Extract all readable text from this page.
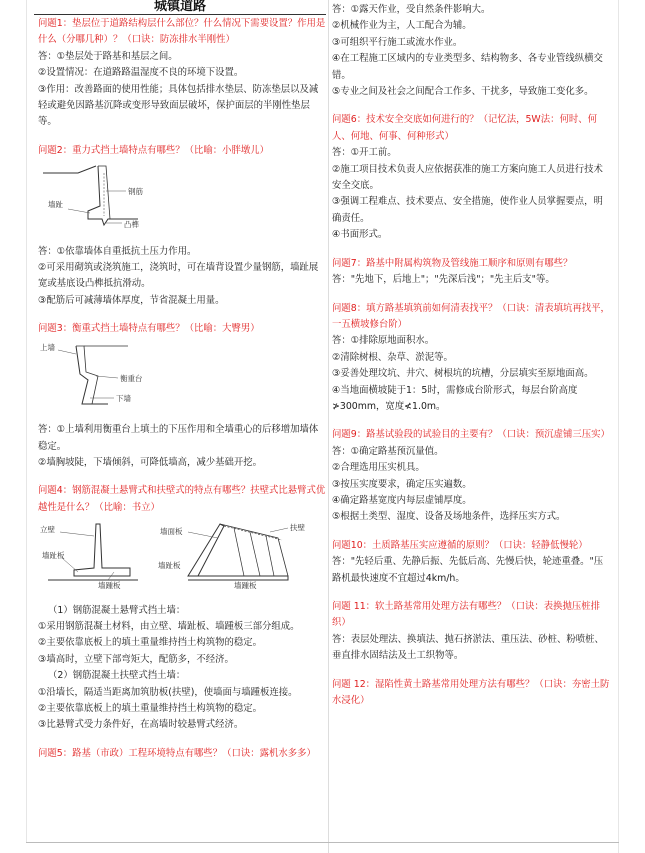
城镇道路

问题1：垫层位于道路结构层什么部位？什么情况下需要设置？作用是什么（分哪几种）？（口诀：防冻排水半刚性）

答：①垫层处于路基和基层之间。

②设置情况：在道路路温湿度不良的环境下设置。

③作用：改善路面的使用性能；具体包括排水垫层、防冻垫层以及减轻或避免因路基沉降或变形导致面层破坏，保护面层的半刚性垫层等。

问题2：重力式挡土墙特点有哪些？（比喻：小胖墩儿）

墙趾
钢筋
凸榫

答：①依靠墙体自重抵抗土压力作用。

②可采用砌筑或浇筑施工，浇筑时，可在墙背设置少量钢筋，墙趾展宽或基底设凸榫抵抗滑动。

③配筋后可减薄墙体厚度，节省混凝土用量。

问题3：衡重式挡土墙特点有哪些？（比喻：大臀男）

上墙
衡重台
下墙

答：①上墙利用衡重台上填土的下压作用和全墙重心的后移增加墙体稳定。

②墙胸坡陡，下墙倾斜，可降低墙高，减少基础开挖。

问题4：钢筋混凝土悬臂式和扶壁式的特点有哪些？扶壁式比悬臂式优越性是什么？（比喻：书立）

立壁
墙趾板
墙踵板
墙面板	扶壁
墙趾板
墙踵板

（1）钢筋混凝土悬臂式挡土墙：

①采用钢筋混凝土材料，由立壁、墙趾板、墙踵板三部分组成。

②主要依靠底板上的填土重量维持挡土构筑物的稳定。

③墙高时，立壁下部弯矩大，配筋多，不经济。

（2）钢筋混凝土扶壁式挡土墙：

①沿墙长，隔适当距离加筑肋板(扶壁)，使墙面与墙踵板连接。

②主要依靠底板上的填土重量维持挡土构筑物的稳定。

③比悬臂式受力条件好，在高墙时较悬臂式经济。

问题5：路基（市政）工程环境特点有哪些？（口诀：露机水多多）

答：①露天作业，受自然条件影响大。

②机械作业为主，人工配合为辅。

③可组织平行施工或流水作业。

④在工程施工区域内的专业类型多、结构物多、各专业管线纵横交错。

⑤专业之间及社会之间配合工作多、干扰多，导致施工变化多。

问题6：技术安全交底如何进行的？（记忆法，5W法：何时、何人、何地、何事、何种形式）

答：①开工前。

②施工项目技术负责人应依据获准的施工方案向施工人员进行技术安全交底。

③强调工程难点、技术要点、安全措施，使作业人员掌握要点，明确责任。

④书面形式。

问题7：路基中附属构筑物及管线施工顺序和原则有哪些？

答："先地下，后地上"；"先深后浅"；"先主后支"等。

问题8：填方路基填筑前如何清表找平？（口诀：清表填坑再找平，一五横坡修台阶）

答：①排除原地面积水。

②清除树根、杂草、淤泥等。

③妥善处理坟坑、井穴、树根坑的坑槽，分层填实至原地面高。

④当地面横坡陡于1：5时，需修成台阶形式，每层台阶高度≯300mm，宽度≮1.0m。

问题9：路基试验段的试验目的主要有？（口诀：预沉虚铺三压实）

答：①确定路基预沉量值。

②合理选用压实机具。

③按压实度要求，确定压实遍数。

④确定路基宽度内每层虚铺厚度。

⑤根据土类型、湿度、设备及场地条件，选择压实方式。

问题10：土质路基压实应遵循的原则？（口诀：轻静低慢轮）

答："先轻后重、先静后振、先低后高、先慢后快，轮迹重叠。"压路机最快速度不宜超过4km/h。

问题 11：软土路基常用处理方法有哪些？（口诀：表换抛压桩排织）

答：表层处理法、换填法、抛石挤淤法、重压法、砂桩、粉喷桩、垂直排水固结法及土工织物等。

问题 12：湿陷性黄土路基常用处理方法有哪些？（口诀：夯密土防水浸化）
